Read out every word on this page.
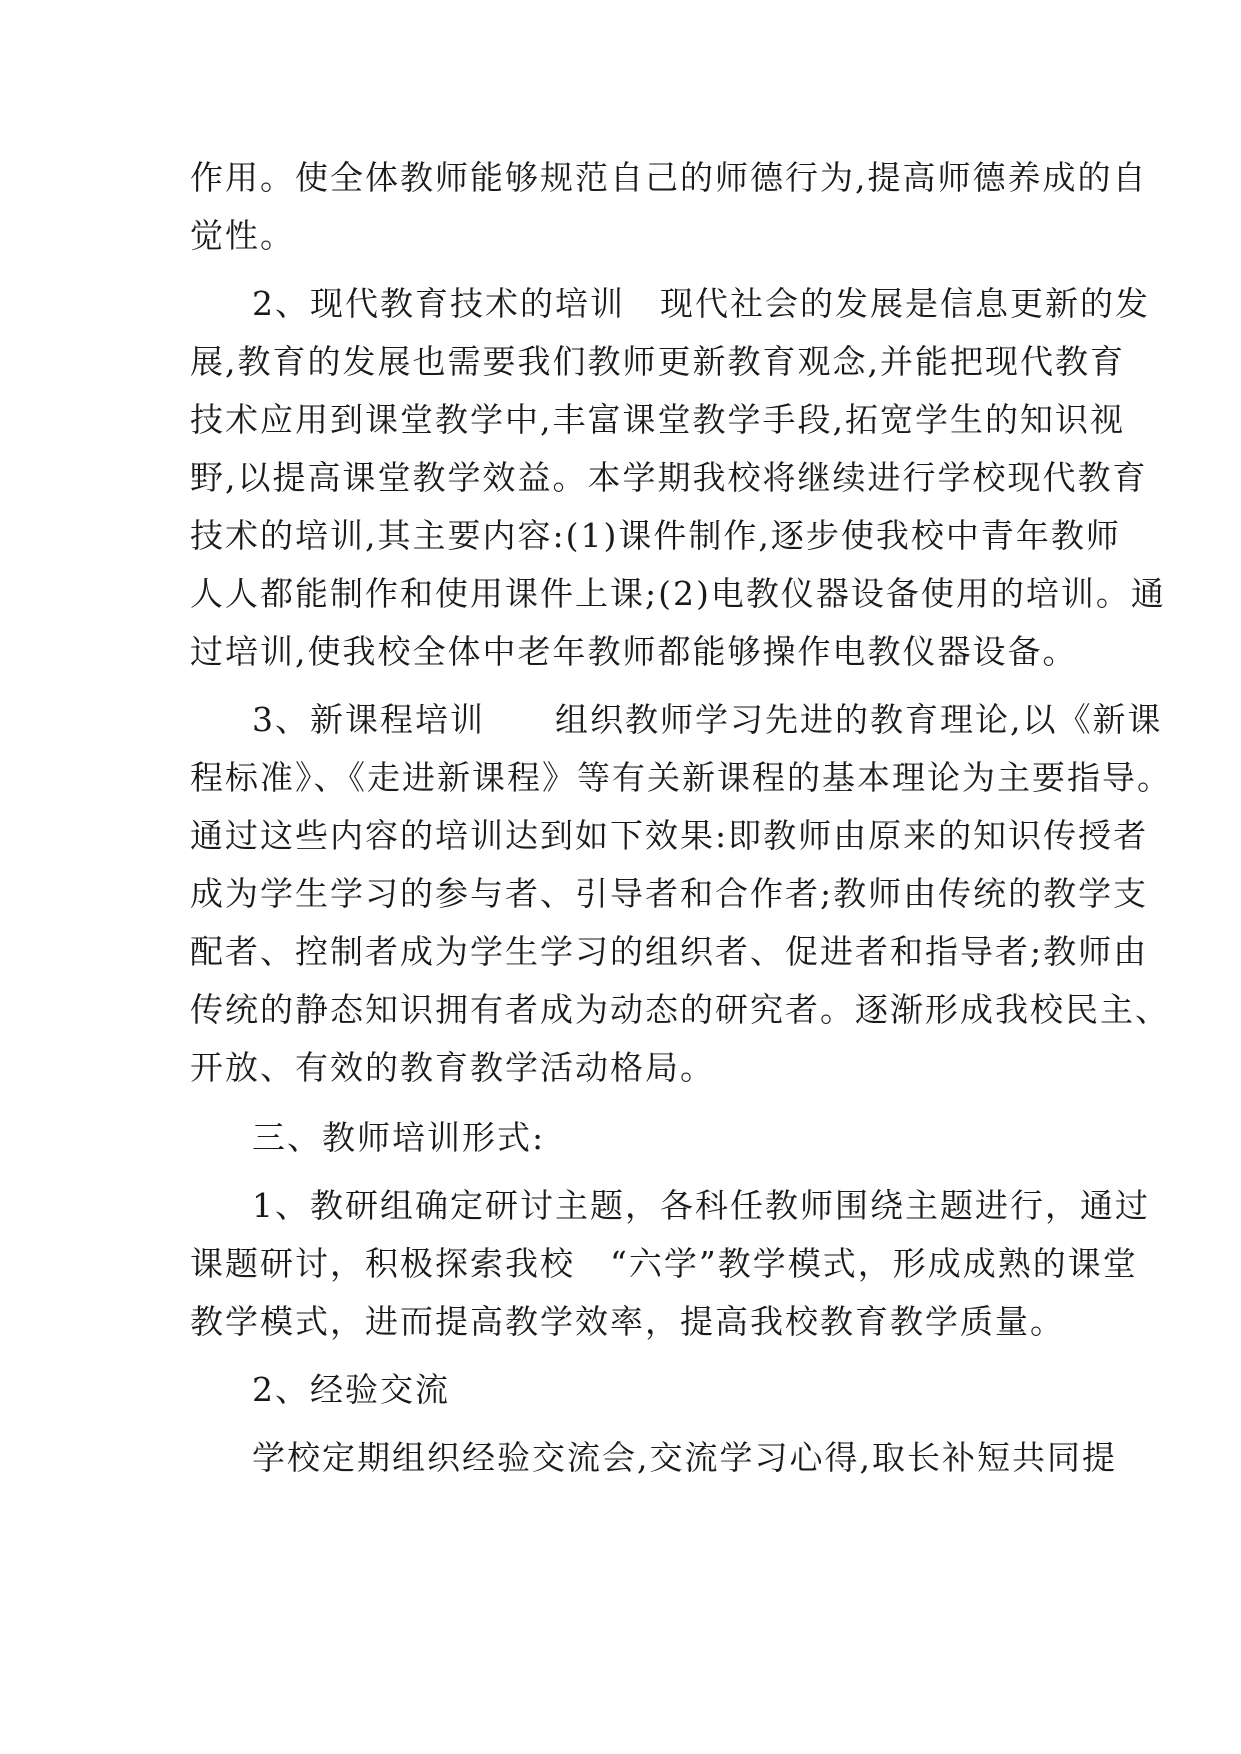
作用。使全体教师能够规范自己的师德行为,提高师德养成的自
觉性。
2、现代教育技术的培训　现代社会的发展是信息更新的发
展,教育的发展也需要我们教师更新教育观念,并能把现代教育
技术应用到课堂教学中,丰富课堂教学手段,拓宽学生的知识视
野,以提高课堂教学效益。本学期我校将继续进行学校现代教育
技术的培训,其主要内容:(1)课件制作,逐步使我校中青年教师
人人都能制作和使用课件上课;(2)电教仪器设备使用的培训。通
过培训,使我校全体中老年教师都能够操作电教仪器设备。
3、新课程培训　　组织教师学习先进的教育理论,以《新课
程标准》、《走进新课程》等有关新课程的基本理论为主要指导。
通过这些内容的培训达到如下效果:即教师由原来的知识传授者
成为学生学习的参与者、引导者和合作者;教师由传统的教学支
配者、控制者成为学生学习的组织者、促进者和指导者;教师由
传统的静态知识拥有者成为动态的研究者。逐渐形成我校民主、
开放、有效的教育教学活动格局。
三、教师培训形式:
1、教研组确定研讨主题，各科任教师围绕主题进行，通过
课题研讨，积极探索我校　“六学”教学模式，形成成熟的课堂
教学模式，进而提高教学效率，提高我校教育教学质量。
2、经验交流
学校定期组织经验交流会,交流学习心得,取长补短共同提
